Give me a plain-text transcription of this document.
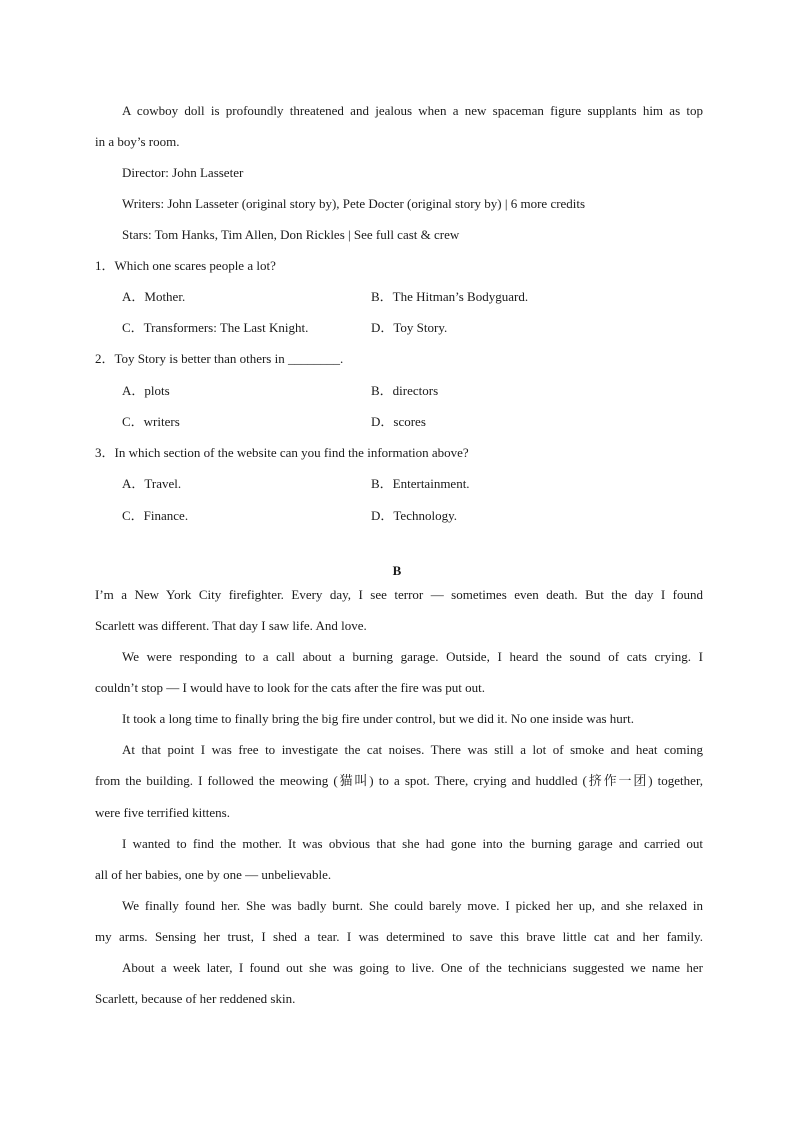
A cowboy doll is profoundly threatened and jealous when a new spaceman figure supplants him as top
in a boy’s room.
Director: John Lasseter
Writers: John Lasseter (original story by), Pete Docter (original story by) | 6 more credits
Stars: Tom Hanks, Tim Allen, Don Rickles | See full cast & crew
1．Which one scares people a lot?
A．Mother.	B．The Hitman’s Bodyguard.
C．Transformers: The Last Knight.	D．Toy Story.
2．Toy Story is better than others in ________.
A．plots	B．directors
C．writers	D．scores
3．In which section of the website can you find the information above?
A．Travel.	B．Entertainment.
C．Finance.	D．Technology.
B
I’m a New York City firefighter. Every day, I see terror — sometimes even death. But the day I found
Scarlett was different. That day I saw life. And love.
We were responding to a call about a burning garage. Outside, I heard the sound of cats crying. I
couldn’t stop — I would have to look for the cats after the fire was put out.
It took a long time to finally bring the big fire under control, but we did it. No one inside was hurt.
At that point I was free to investigate the cat noises. There was still a lot of smoke and heat coming
from the building. I followed the meowing (猫叫) to a spot. There, crying and huddled (挤作一团) together,
were five terrified kittens.
I wanted to find the mother. It was obvious that she had gone into the burning garage and carried out
all of her babies, one by one — unbelievable.
We finally found her. She was badly burnt. She could barely move. I picked her up, and she relaxed in
my arms. Sensing her trust, I shed a tear. I was determined to save this brave little cat and her family.
About a week later, I found out she was going to live. One of the technicians suggested we name her
Scarlett, because of her reddened skin.
